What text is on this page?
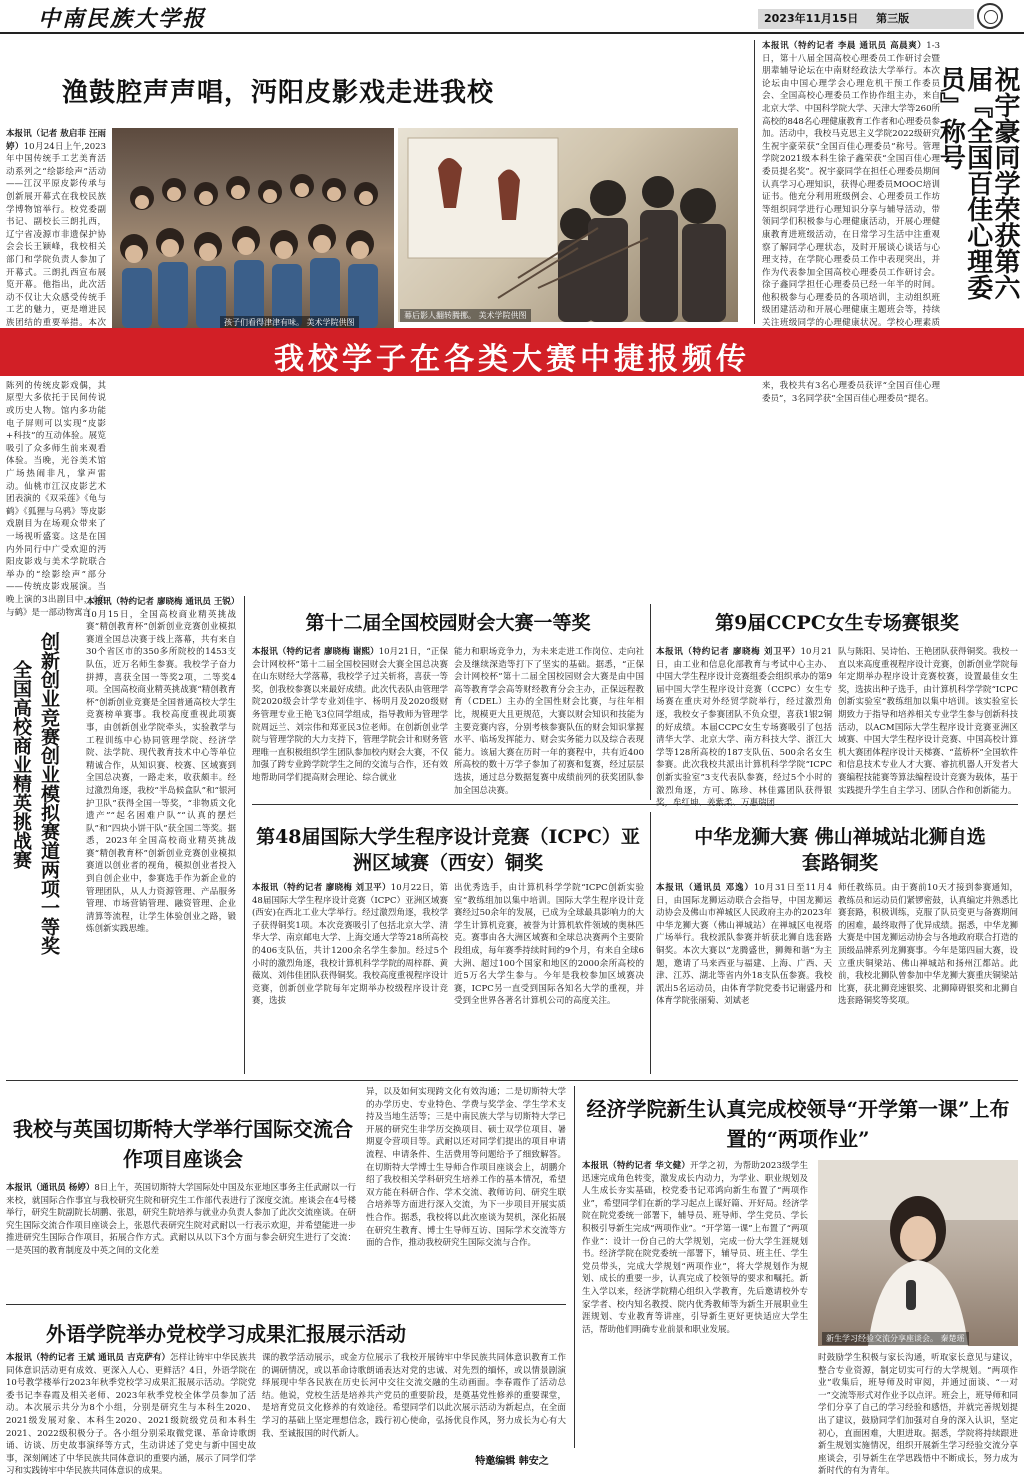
中南民族大学报	2023年11月15日 第三版
渔鼓腔声声唱，沔阳皮影戏走进我校
本报讯（记者 敖启菲 汪雨婷）10月24日上午,2023年中国传统手工艺美育活动系列之“绘影绘声”活动——江汉平原皮影传承与创新展开幕式在我校民族学博物馆举行。校党委副书记、副校长三朗扎西，辽宁省凌源市非遗保护协会会长王颖峰，我校相关部门和学院负责人参加了开幕式。三朗扎西宣布展览开幕。他指出，此次活动不仅让大众感受传统手工艺的魅力，更是增进民族团结的重要举措。本次 陈列的传统皮影戏偶，其原型大多依托于民间传说或历史人物。馆内多功能电子屏则可以实现“皮影+科技”的互动体验。展览吸引了众多师生前来观看体验。当晚，光谷美术馆广场热闹非凡，掌声雷动。仙桃市江汉皮影艺术团表演的《双采莲》《龟与鹤》《狐狸与乌鸦》等皮影戏剧目为在场观众带来了一场视听盛宴。这是在国内外同行中广受欢迎的沔阳皮影戏与美术学院联合举办的“绘影绘声”部分——传统皮影戏展演。当晚上演的3出剧目中，《龟与鹤》是一部动物寓言
孩子们看得津津有味。 美术学院供图
幕后影人翻转腾挪。 美术学院供图
本报讯（特约记者 李晨 通讯员 高晨爽）1-3日，第十八届全国高校心理委员工作研讨会暨朋辈辅导论坛在中南财经政法大学举行。本次论坛由中国心理学会心理危机干预工作委员会、全国高校心理委员工作协作组主办，来自北京大学、中国科学院大学、天津大学等260所高校的848名心理健康教育工作者和心理委员参加。活动中，我校马克思主义学院2022级研究生祝宇豪荣获“全国百佳心理委员”称号。管理学院2021级本科生徐子鑫荣获“全国百佳心理委员提名奖”。祝宇豪同学在担任心理委员期间认真学习心理知识，获得心理委员MOOC培训证书。他充分利用班级例会、心理委员工作坊等组织同学进行心理知识分享与辅导活动，带领同学们积极参与心理健康活动，开展心理健康教育进班级活动，在日常学习生活中注重观察了解同学心理状态，及时开展谈心谈话与心理支持，在学院心理委员工作中表现突出，并作为代表参加全国高校心理委员工作研讨会。徐子鑫同学担任心理委员已经一年半的时间。他积极参与心理委员的各项培训，主动组织班级团建活动和开展心理健康主题班会等，持续关注班级同学的心理健康状况。学校心理素质 来，我校共有3名心理委员获评“全国百佳心理委员”，3名同学获“全国百佳心理委员”提名。
祝宇豪同学荣获第六届『全国百佳心理委员』称号
我校学子在各类大赛中捷报频传
创新创业竞赛创业模拟赛道两项一等奖
全国高校商业精英挑战赛
本报讯（特约记者 廖晓梅 通讯员 王锐）10月15日，全国高校商业精英挑战赛“精创教育杯”创新创业竞赛创业模拟赛道全国总决赛于线上落幕，共有来自30个省区市的350多所院校的1453支队伍，近万名师生参赛。我校学子奋力拼搏，喜获全国一等奖2项，二等奖4项。全国高校商业精英挑战赛“精创教育杯”创新创业竞赛是全国普通高校大学生竞赛榜单赛事。我校高度重视此项赛事，由创新创业学院牵头，实验教学与工程训练中心协同管理学院、经济学院、法学院、现代教育技术中心等单位精诚合作，从知识赛、校赛、区域赛到全国总决赛，一路走来，收获颇丰。经过激烈角逐，我校“半岛候盒队”和“银河护卫队”获得全国一等奖，“非物质文化遗产”“起名困难户队”“认真的摆烂队”和“四块小饼干队”获全国二等奖。据悉，2023年全国高校商业精英挑战赛“精创教育杯”创新创业竞赛创业模拟赛道以创业者的视角，模拟创业者投入到自创企业中，参赛选手作为新企业的管理团队，从人力资源管理、产品服务管理、市场营销管理、融资管理、企业清算等流程，让学生体验创业之路，锻炼创新实践思维。
第十二届全国校园财会大赛一等奖
本报讯（特约记者 廖晓梅 谢熙）10月21日，“正保会计网校杯”第十二届全国校园财会大赛全国总决赛在山东财经大学落幕，我校学子过关斩将，喜获一等奖，创我校参赛以来最好成绩。此次代表队由管理学院2020级会计学专业刘佳宇、杨明月及2020级财务管理专业王艳飞3位同学组成，指导教师为管理学院周远兰、刘宗伟和郑亚民3位老师。在创新创业学院与管理学院的大力支持下，管理学院会计和财务管理唯一直积极组织学生团队参加校内财会大赛，不仅加强了跨专业跨学院学生之间的交流与合作，还有效地帮助同学们提高财会理论、综合就业
能力和职场竞争力，为未来走进工作岗位、走向社会及继续深造等打下了坚实的基础。据悉，“正保会计网校杯”第十二届全国校园财会大赛是由中国高等教育学会高等财经教育分会主办，正保远程教育（CDEL）主办的全国性财会比赛，与往年相比，规模更大且更规范，大赛以财会知识和技能为主要竞赛内容，分别考核参赛队伍的财会知识掌握水平、临场发挥能力、财会实务能力以及综合表现能力。该届大赛在历时一年的赛程中，共有近400所高校的数十万学子参加了初赛和复赛，经过层层选拔，通过总分数据复赛中成绩前列的获奖团队参加全国总决赛。
第9届CCPC女生专场赛银奖
本报讯（特约记者 廖晓梅 刘卫平）10月21日，由工业和信息化部教育与考试中心主办、中国大学生程序设计竞赛组委会组织承办的第9届中国大学生程序设计竞赛（CCPC）女生专场赛在重庆对外经贸学院举行，经过激烈角逐，我校女子参赛团队不负众望，喜获1银2铜的好成绩。本届CCPC女生专场赛吸引了包括清华大学、北京大学、南方科技大学、浙江大学等128所高校的187支队伍、500余名女生参赛。此次我校共派出计算机科学学院“ICPC创新实验室”3支代表队参赛，经过5个小时的激烈角逐，方可、陈珍、林佳露团队获得银
队与陈阳、吴诗怡、王艳团队获得铜奖。我校一直以来高度重视程序设计竞赛，创新创业学院每年定期举办程序设计竞赛校赛，设置最佳女生奖，选拔出种子选手，由计算机科学学院“ICPC创新实验室”教练组加以集中培训。该实验室长期致力于指导和培养相关专业学生参与创新科技活动，以ACM国际大学生程序设计竞赛亚洲区域赛、中国大学生程序设计竞赛、中国高校计算机大赛团体程序设计天梯赛、“蓝桥杯”全国软件和信息技术专业人才大赛、睿抗机器人开发者大赛编程技能赛等算法编程设计竞赛为载体，基于实践提升学生自主学习、团队合作和创新能力。
第48届国际大学生程序设计竞赛（ICPC）亚洲区域赛（西安）铜奖
本报讯（特约记者 廖晓梅 刘卫平）10月22日，第48届国际大学生程序设计竞赛（ICPC）亚洲区域赛(西安)在西北工业大学举行。经过激烈角逐，我校学子获得铜奖1项。本次竞赛吸引了包括北京大学、清华大学、南京邮电大学、上海交通大学等218所高校的406支队伍，共计1200余名学生参加。经过5个小时的激烈角逐，我校计算机科学学院的周梓群、黄薇岚、刘伟佳团队获得铜奖。我校高度重视程序设计竞赛，创新创业学院每年定期举办校级程序设计竞赛，选拔
出优秀选手，由计算机科学学院“ICPC创新实验室”教练组加以集中培训。国际大学生程序设计竞赛经过50余年的发展，已成为全球最具影响力的大学生计算机竞赛，被誉为计算机软件领域的奥林匹克。赛事由各大洲区域赛和全球总决赛两个主要阶段组成，每年赛季持续时间约9个月，有来自全球6大洲、超过100个国家和地区的2000余所高校的近5万名大学生参与。今年是我校参加区域赛决赛，ICPC另一直受到国际各知名大学的重视，并受到全世界各著名计算机公司的高度关注。
中华龙狮大赛 佛山禅城站北狮自选套路铜奖
本报讯（通讯员 邓逸）10月31日至11月4日，由国际龙狮运动联合会指导，中国龙狮运动协会及佛山市禅城区人民政府主办的2023年中华龙狮大赛（佛山禅城站）在禅城区电视塔广场举行。我校派队参赛并斩获北狮自选套路铜奖。本次大赛以“龙腾盛世，狮舞和谐”为主题，邀请了马来西亚与福建、上海、广西、天津、江苏、湖北等省内外18支队伍参赛。我校派出5名运动员，由体育学院党委书记谢盛丹和体育学院张丽菊、刘斌老
师任教练员。由于赛前10天才接到参赛通知，教练员和运动员们紧锣密鼓，认真编定并熟悉比赛套路，积极训练，克服了队员变更与备赛期间的困难，最终取得了优异成绩。据悉，中华龙狮大赛是中国龙狮运动协会与各地政府联合打造的顶级品牌系列龙狮赛事。今年是第四届大赛，设立重庆铜梁站、佛山禅城站和扬州江都站。此前，我校北狮队曾参加中华龙狮大赛重庆铜梁站比赛，获北狮竞速银奖、北狮障碍银奖和北狮自选套路铜奖等奖项。
我校与英国切斯特大学举行国际交流合作项目座谈会
本报讯（通讯员 杨婷）8日上午，英国切斯特大学国际处中国及东亚地区事务主任武耐以一行来校，就国际合作事宜与我校研究生院和研究生工作部代表进行了深度交流。座谈会在4号楼举行，研究生院副院长胡鹏、张恩，研究生院培养与就业办负责人参加了此次交流座谈。在研究生国际交流合作项目座谈会上，张恩代表研究生院对武耐以一行表示欢迎，并希望能进一步推进研究生国际合作项目，拓展合作方式。武耐以从以下3个方面与参会研究生进行了交流：一是英国的教育制度及中英之间的文化差
异，以及如何实现跨文化有效沟通；二是切斯特大学的办学历史、专业特色、学费与奖学金、学生学术支持及当地生活等；三是中南民族大学与切斯特大学已开展的研究生非学历交换项目、硕士双学位项目、暑期夏令营项目等。武耐以还对同学们提出的项目申请流程、申请条件、生活费用等问题给予了细致解答。在切斯特大学博士生导师合作项目座谈会上，胡鹏介绍了我校相关学科研究生培养工作的基本情况，希望双方能在科研合作、学术交流、教师访问、研究生联合培养等方面进行深入交流，为下一步项目开展实质性合作。据悉，我校将以此次座谈为契机，深化拓展在研究生教育、博士生导师互访、国际学术交流等方面的合作，推动我校研究生国际交流与合作。
经济学院新生认真完成校领导“开学第一课”上布置的“两项作业”
本报讯（特约记者 华文健）开学之初，为帮助2023级学生迅速完成角色转变，激发成长内动力，为学业、职业规划及人生成长夯实基础，校党委书记邓鸿向新生布置了“两项作业”，希望同学们在新的学习起点上谋好篇、开好局。经济学院在院党委统一部署下，辅导员、班导师、学生党员、学长积极引导新生完成“两项作业”。“开学第一课”上布置了“两项作业”：设计一份自己的大学规划，完成一份大学生涯规划书。经济学院在院党委统一部署下，辅导员、班主任、学生党员带头，完成大学规划“两项作业”，将大学规划作为规划、成长的重要一步，认真完成了校领导的要求和嘱托。新生入学以来，经济学院精心组织入学教育，先后邀请校外专家学者、校内知名教授、院内优秀教师等为新生开展职业生涯规划、专业教育等讲座，引导新生更好更快适应大学生活，帮助他们明确专业前景和职业发展。
新生学习经验交流分享座谈会。 秦楚瑶
时鼓励学生积极与家长沟通，听取家长意见与建议，整合专业资源，制定切实可行的大学规划。“两项作业”收集后，班导师及时审阅，并通过面谈、“一对一”交流等形式对作业予以点评。班会上，班导师和同学们分享了自己的学习经验和感悟，并就完善规划提出了建议，鼓励同学们加强对自身的深入认识，坚定初心，直面困难，大胆进取。据悉，学院将持续跟进新生规划实施情况，组织开展新生学习经验交流分享座谈会，引导新生在学思践悟中不断成长，努力成为新时代的有为青年。
外语学院举办党校学习成果汇报展示活动
本报讯（特约记者 王斌 通讯员 吉克萨有）怎样让铸牢中华民族共同体意识活动更有成效、更深入人心、更鲜活？4日，外语学院在10号教学楼举行2023年秋季党校学习成果汇报展示活动。学院党委书记李春霞及相关老师、2023年秋季党校全体学员参加了活动。本次展示共分为8个小组，分别是研究生与本科生2020、2021级发展对象、本科生2020、2021级院级党员和本科生2021、2022级积极分子。各小组分别采取微党课、革命诗歌朗诵、访谈、历史故事演绎等方式，生动讲述了党史与新中国史故事，深刻阐述了中华民族共同体意识的重要内涵，展示了同学们学习和实践铸牢中华民族共同体意识的成果。
课的教学活动展示，或金方位展示了我校开展铸牢中华民族共同体意识教育工作的调研情况，或以革命诗歌朗诵表达对党的忠诚、对先烈的缅怀，或以情景剧演绎展现中华各民族在历史长河中交往交流交融的生动画面。李春霞作了活动总结。他说，党校生活是培养共产党员的重要阶段，是奠基党性修养的重要课堂，是培育党员文化修养的有效途径。希望同学们以此次展示活动为新起点，在全面学习的基础上坚定理想信念，践行初心使命，弘扬优良作风，努力成长为心有大我、至诚报国的时代新人。
特邀编辑 韩安之
